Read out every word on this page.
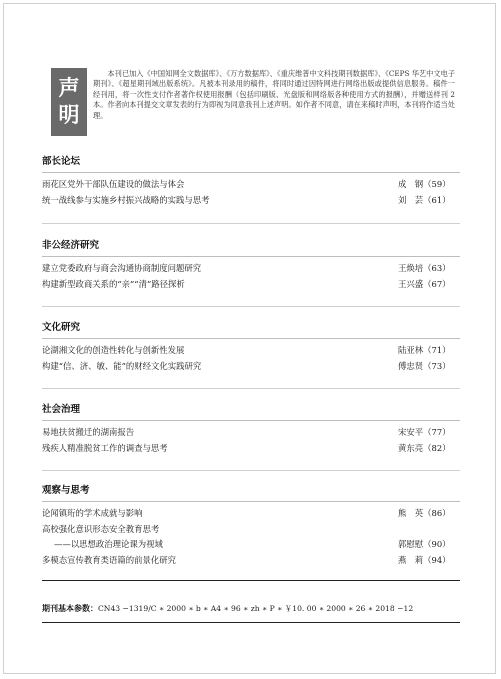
声
明
本刊已加入《中国知网全文数据库》、《万方数据库》、《重庆维普中文科技期刊数据库》、《CEPS 华艺中文电子期刊》、《超星期刊域出版系统》。凡被本刊录用的稿件，将同时通过因特网进行网络出版或提供信息服务。稿件一经刊用，将一次性支付作者著作权使用报酬（包括印刷版、光盘版和网络版各种使用方式的报酬），并赠送样刊 2 本。作者向本刊提交文章发表的行为即视为同意我刊上述声明。如作者不同意，请在来稿时声明，本刊将作适当处理。
部长论坛
雨花区党外干部队伍建设的做法与体会	成　钢（59）
统一战线参与实施乡村振兴战略的实践与思考	刘　芸（61）
非公经济研究
建立党委政府与商会沟通协商制度问题研究	王焕培（63）
构建新型政商关系的“亲”“清”路径探析	王兴盛（67）
文化研究
论湖湘文化的创造性转化与创新性发展	陆亚林（71）
构建“信、济、敏、能”的财经文化实践研究	傅忠贤（73）
社会治理
易地扶贫搬迁的湖南报告	宋安平（77）
残疾人精准脱贫工作的调查与思考	黄东亮（82）
观察与思考
论闻镇珩的学术成就与影响	熊　英（86）
高校强化意识形态安全教育思考
——以思想政治理论课为视域	郭慰慰（90）
多模态宣传教育类语篇的前景化研究	燕　莉（94）
期刊基本参数：CN43 −1319/C ∗ 2000 ∗ b ∗ A4 ∗ 96 ∗ zh ∗ P ∗ ￥10. 00 ∗ 2000 ∗ 26 ∗ 2018 −12
